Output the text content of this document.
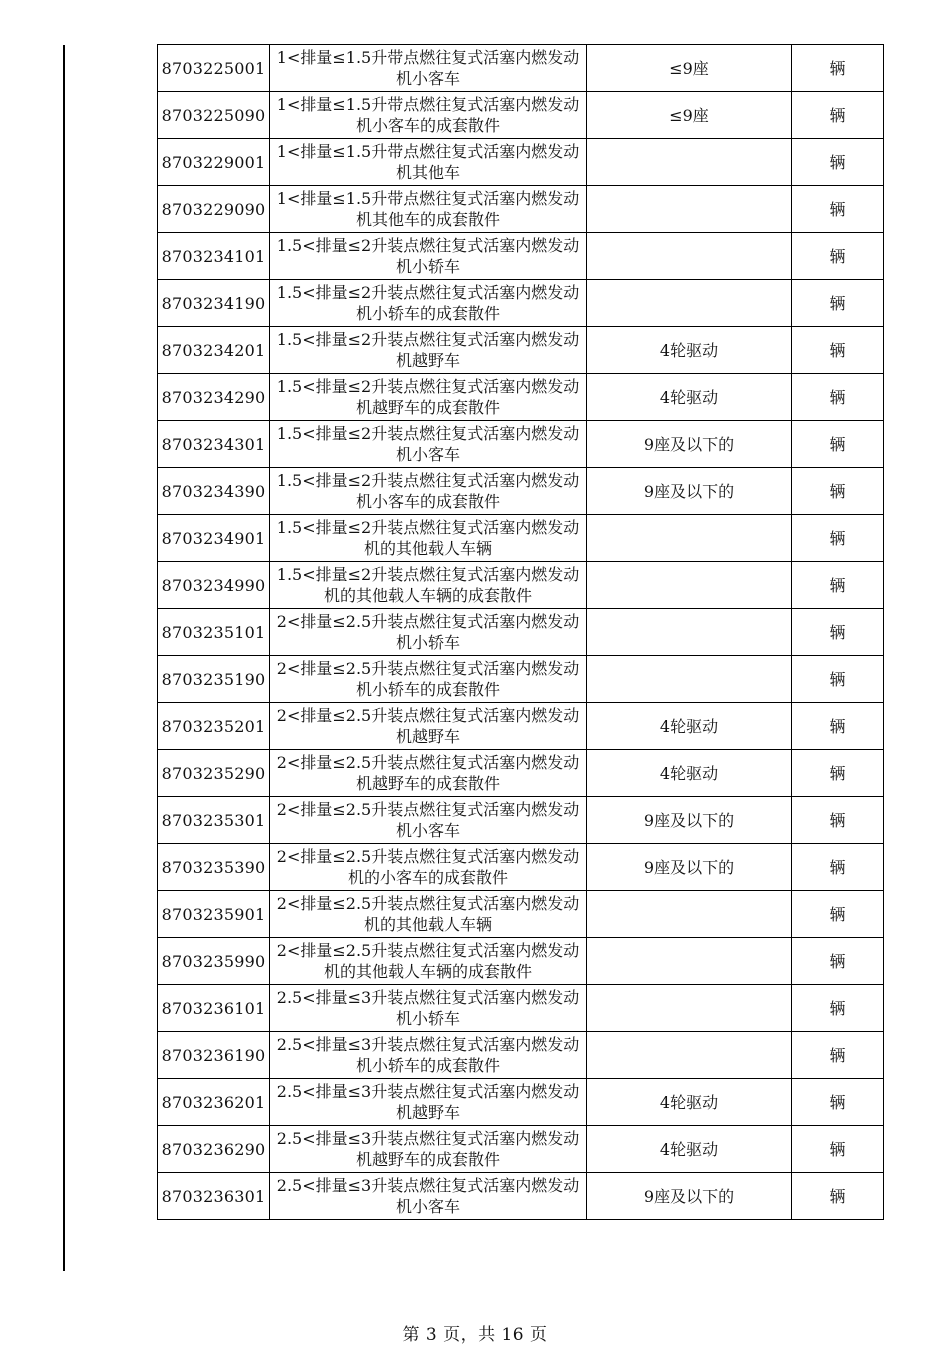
8703225001	1<排量≤1.5升带点燃往复式活塞内燃发动机小客车	≤9座	辆
8703225090	1<排量≤1.5升带点燃往复式活塞内燃发动机小客车的成套散件	≤9座	辆
8703229001	1<排量≤1.5升带点燃往复式活塞内燃发动机其他车		辆
8703229090	1<排量≤1.5升带点燃往复式活塞内燃发动机其他车的成套散件		辆
8703234101	1.5<排量≤2升装点燃往复式活塞内燃发动机小轿车		辆
8703234190	1.5<排量≤2升装点燃往复式活塞内燃发动机小轿车的成套散件		辆
8703234201	1.5<排量≤2升装点燃往复式活塞内燃发动机越野车	4轮驱动	辆
8703234290	1.5<排量≤2升装点燃往复式活塞内燃发动机越野车的成套散件	4轮驱动	辆
8703234301	1.5<排量≤2升装点燃往复式活塞内燃发动机小客车	9座及以下的	辆
8703234390	1.5<排量≤2升装点燃往复式活塞内燃发动机小客车的成套散件	9座及以下的	辆
8703234901	1.5<排量≤2升装点燃往复式活塞内燃发动机的其他载人车辆		辆
8703234990	1.5<排量≤2升装点燃往复式活塞内燃发动机的其他载人车辆的成套散件		辆
8703235101	2<排量≤2.5升装点燃往复式活塞内燃发动机小轿车		辆
8703235190	2<排量≤2.5升装点燃往复式活塞内燃发动机小轿车的成套散件		辆
8703235201	2<排量≤2.5升装点燃往复式活塞内燃发动机越野车	4轮驱动	辆
8703235290	2<排量≤2.5升装点燃往复式活塞内燃发动机越野车的成套散件	4轮驱动	辆
8703235301	2<排量≤2.5升装点燃往复式活塞内燃发动机小客车	9座及以下的	辆
8703235390	2<排量≤2.5升装点燃往复式活塞内燃发动机的小客车的成套散件	9座及以下的	辆
8703235901	2<排量≤2.5升装点燃往复式活塞内燃发动机的其他载人车辆		辆
8703235990	2<排量≤2.5升装点燃往复式活塞内燃发动机的其他载人车辆的成套散件		辆
8703236101	2.5<排量≤3升装点燃往复式活塞内燃发动机小轿车		辆
8703236190	2.5<排量≤3升装点燃往复式活塞内燃发动机小轿车的成套散件		辆
8703236201	2.5<排量≤3升装点燃往复式活塞内燃发动机越野车	4轮驱动	辆
8703236290	2.5<排量≤3升装点燃往复式活塞内燃发动机越野车的成套散件	4轮驱动	辆
8703236301	2.5<排量≤3升装点燃往复式活塞内燃发动机小客车	9座及以下的	辆
第 3 页，共 16 页
